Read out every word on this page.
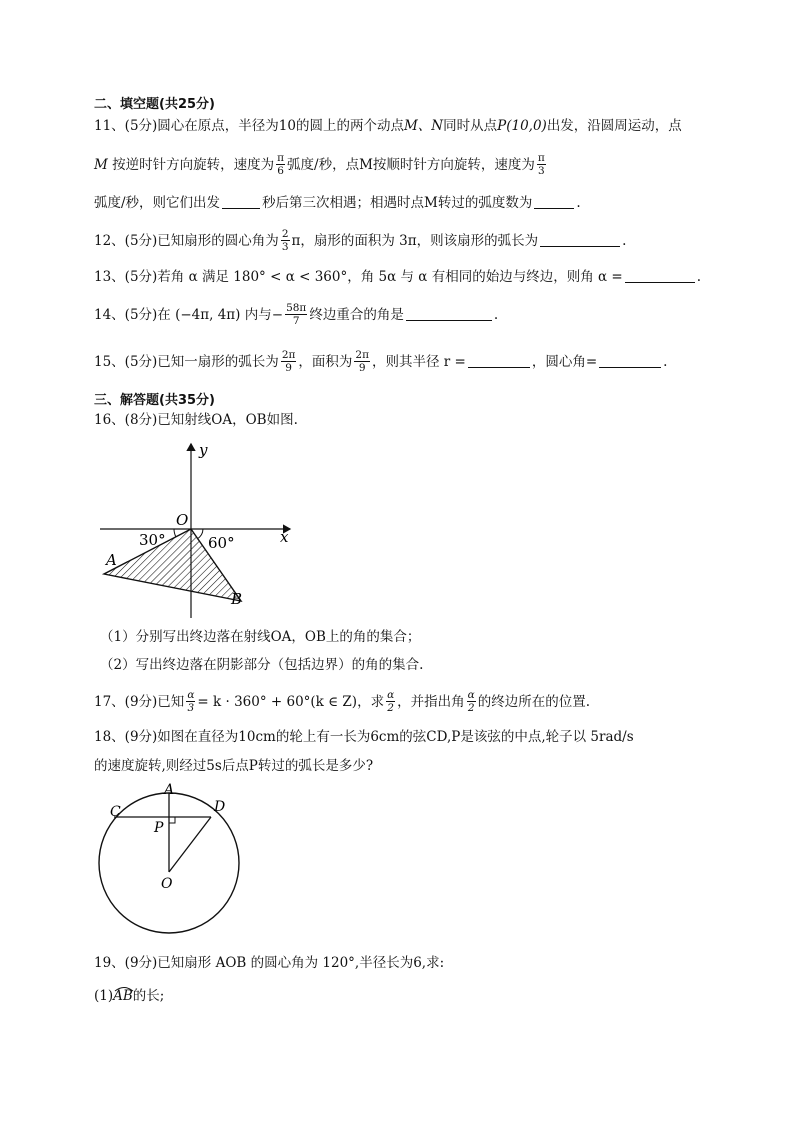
二、填空题(共25分)
11、(5分)圆心在原点，半径为10的圆上的两个动点M、N同时从点P(10,0)出发，沿圆周运动，点
M 按逆时针方向旋转，速度为 $\frac{\pi}{6}$ 弧度/秒，点M按顺时针方向旋转，速度为 $\frac{\pi}{3}$
弧度/秒，则它们出发	秒后第三次相遇；相遇时点M转过的弧度数为	.
12、(5分)已知扇形的圆心角为 $\frac{2}{3}$ π，扇形的面积为 3π，则该扇形的弧长为	.
13、(5分)若角 α 满足 180° < α < 360°，角 5α 与 α 有相同的始边与终边，则角 α =	.
14、(5分)在 (−4π, 4π) 内与− $\frac{58\pi}{7}$ 终边重合的角是	.
15、(5分)已知一扇形的弧长为 $\frac{2\pi}{9}$ ，面积为 $\frac{2\pi}{9}$ ，则其半径 r =	，圆心角=	.
三、解答题(共35分)
16、(8分)已知射线OA，OB如图.
y
x
O
A
B
30°	60°
（1）分别写出终边落在射线OA，OB上的角的集合；
（2）写出终边落在阴影部分（包括边界）的角的集合.
17、(9分)已知 $\frac{\alpha}{3} = k \cdot 360^\circ + 60^\circ(k$ ∈ Z)，求 $\frac{\alpha}{2}$ ，并指出角 $\frac{\alpha}{2}$ 的终边所在的位置.
18、(9分)如图在直径为10cm的轮上有一长为6cm的弦CD,P是该弦的中点,轮子以 5rad/s
的速度旋转,则经过5s后点P转过的弧长是多少?
A
C	D
P
O
19、(9分)已知扇形 AOB 的圆心角为 120°,半径长为6,求:
(1)AB
的长;
